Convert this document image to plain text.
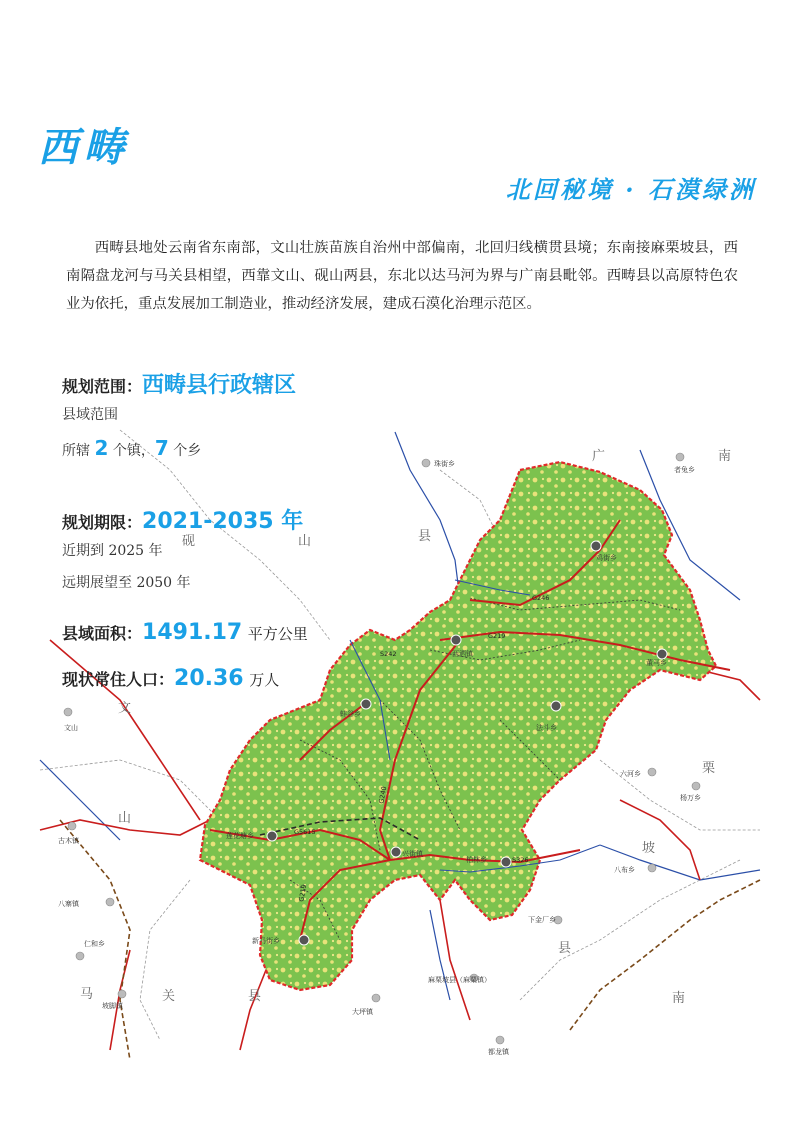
西畴
北回秘境 · 石漠绿洲
西畴县地处云南省东南部，文山壮族苗族自治州中部偏南，北回归线横贯县境；东南接麻栗坡县，西南隔盘龙河与马关县相望，西靠文山、砚山两县，东北以达马河为界与广南县毗邻。西畴县以高原特色农业为依托，重点发展加工制造业，推动经济发展，建成石漠化治理示范区。
鸡街乡
西洒镇
董马乡
蚌谷乡
法斗乡
莲花塘乡
兴街镇
柏林乡
新马街乡
珠街乡
者兔乡
文山
古木镇
八寨镇
大坪镇
下金厂乡
麻栗坡县（麻栗镇）
八布乡
杨万乡
六河乡
坡脚镇
仁和乡
都龙镇
广	南
县
砚	山
文
山
马	关	县
栗
坡
县
南
G246
G219
S242
G240
G5615
G219
S326
规划范围：西畴县行政辖区
县域范围
所辖 2 个镇，7 个乡
规划期限：2021-2035 年
近期到 2025 年
远期展望至 2050 年
县域面积：1491.17 平方公里
现状常住人口：20.36 万人
